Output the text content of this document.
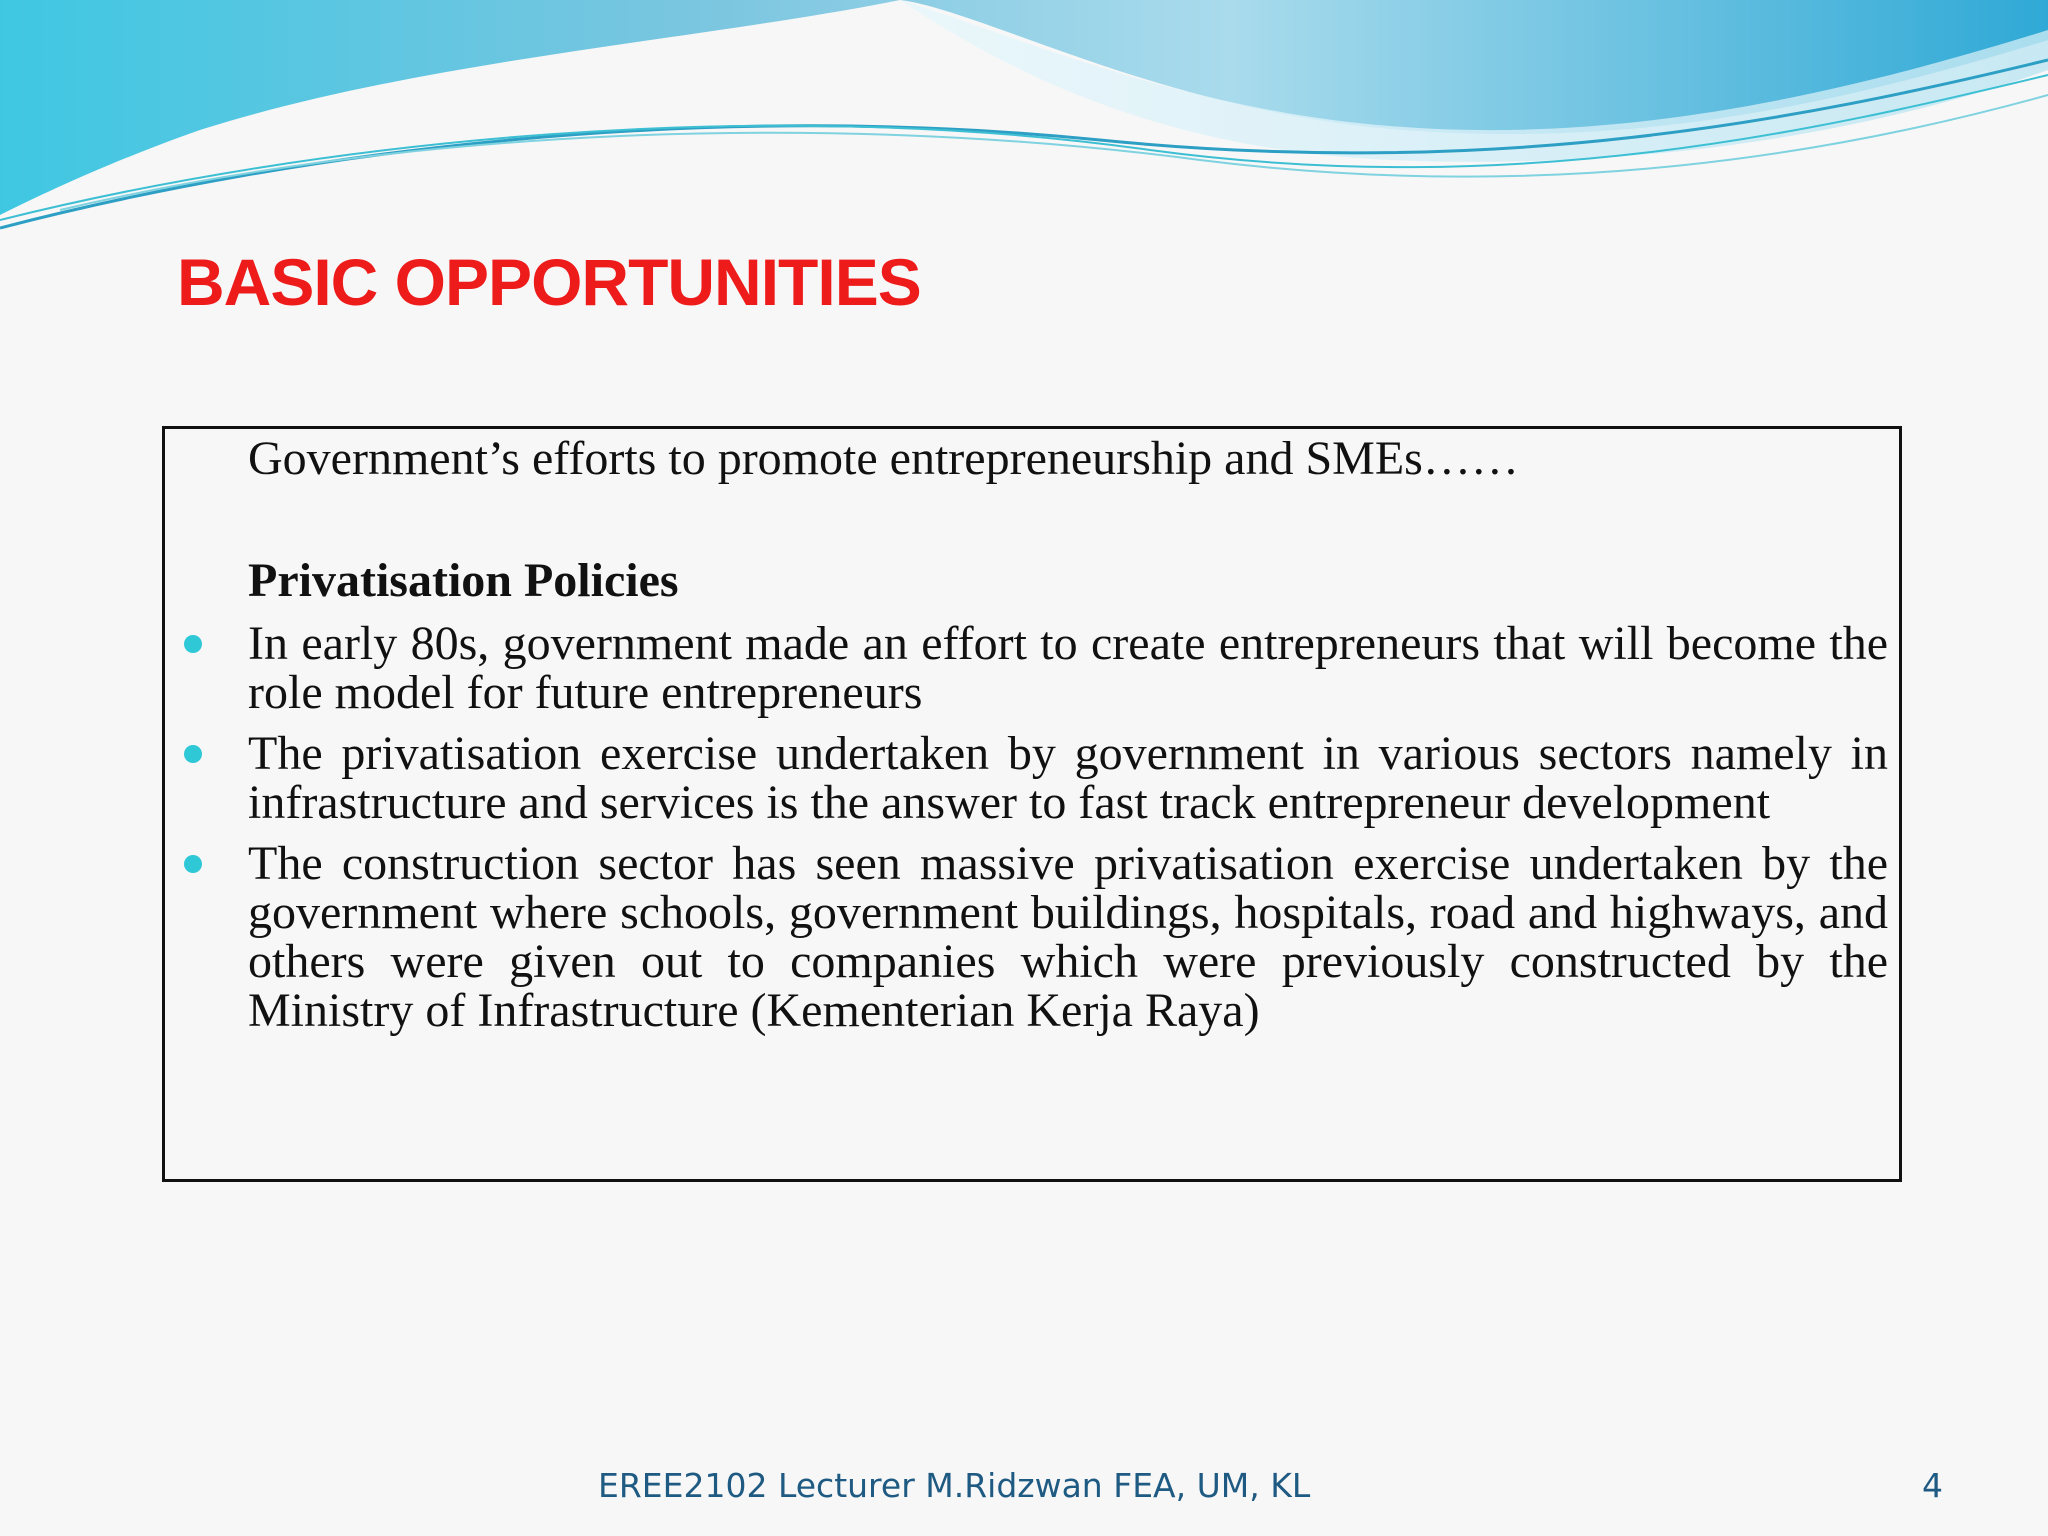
BASIC OPPORTUNITIES

Government’s efforts to promote entrepreneurship and SMEs……

Privatisation Policies

In early 80s, government made an effort to create entrepreneurs that will become the role model for future entrepreneurs
The privatisation exercise undertaken by government in various sectors namely in infrastructure and services is the answer to fast track entrepreneur development
The construction sector has seen massive privatisation exercise undertaken by the government where schools, government buildings, hospitals, road and highways, and others were given out to companies which were previously constructed by the Ministry of Infrastructure (Kementerian Kerja Raya)
EREE2102 Lecturer M.Ridzwan FEA, UM, KL	4
